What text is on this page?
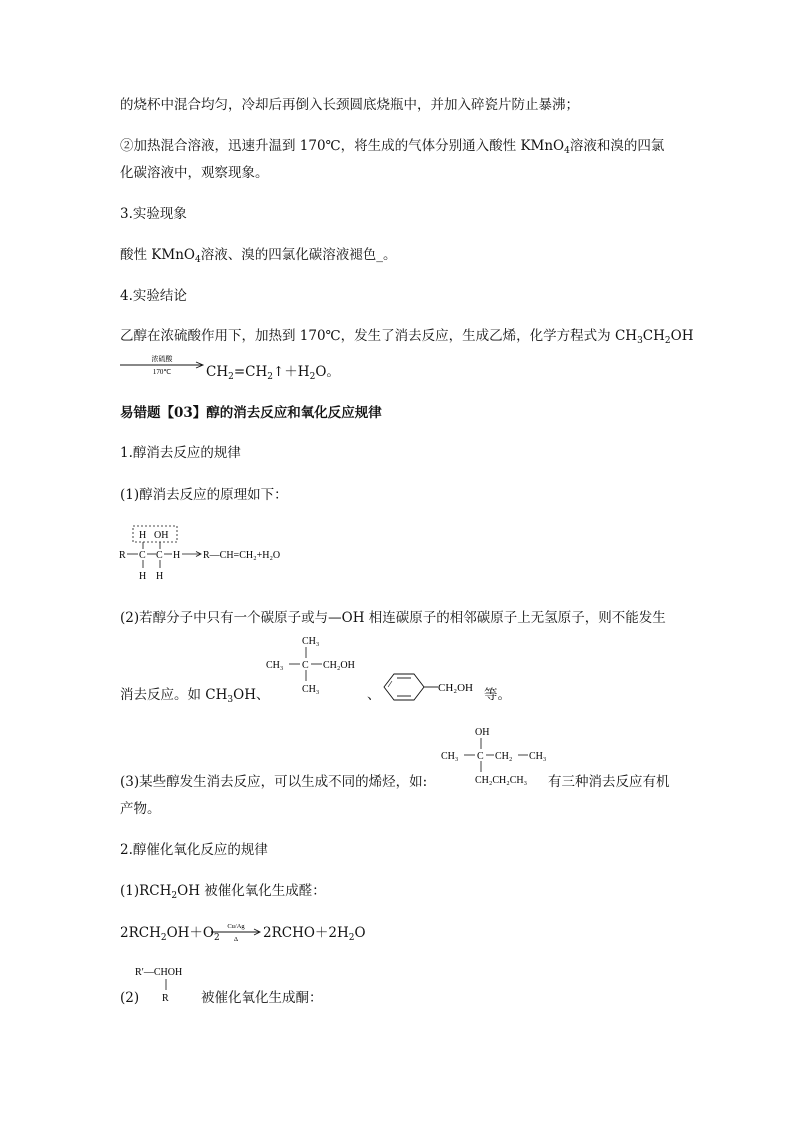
的烧杯中混合均匀，冷却后再倒入长颈圆底烧瓶中，并加入碎瓷片防止暴沸；
②加热混合溶液，迅速升温到 170℃，将生成的气体分别通入酸性 KMnO$_4$溶液和溴的四氯
化碳溶液中，观察现象。
3.实验现象
酸性 KMnO$_4$溶液、溴的四氯化碳溶液褪色_。
4.实验结论
乙醇在浓硫酸作用下，加热到 170℃，发生了消去反应，生成乙烯，化学方程式为 $CH_3CH_2OH$
浓硫酸
170℃	$CH_2=CH_2↑+H_2O$。
易错题【03】醇的消去反应和氧化反应规律
1.醇消去反应的规律
(1)醇消去反应的原理如下：
H OH
R C C H R—CH=CH₂+H₂O
H H
(2)若醇分子中只有一个碳原子或与—OH 相连碳原子的相邻碳原子上无氢原子，则不能发生
消去反应。如 $CH_3OH$、
CH₃
CH₃ C CH₂OH
CH₃	、	CH₂OH 等。
OH
CH₃ C CH₂ CH₃
CH₂CH₂CH₃
(3)某些醇发生消去反应，可以生成不同的烯烃，如:	有三种消去反应有机
产物。
2.醇催化氧化反应的规律
$(1)RCH_2OH$ 被催化氧化生成醛：
$2RCH_2OH+O_2$
Cu/Ag
Δ $2RCHO+2H_2O$
R′—CHOH
R
(2)	被催化氧化生成酮：
